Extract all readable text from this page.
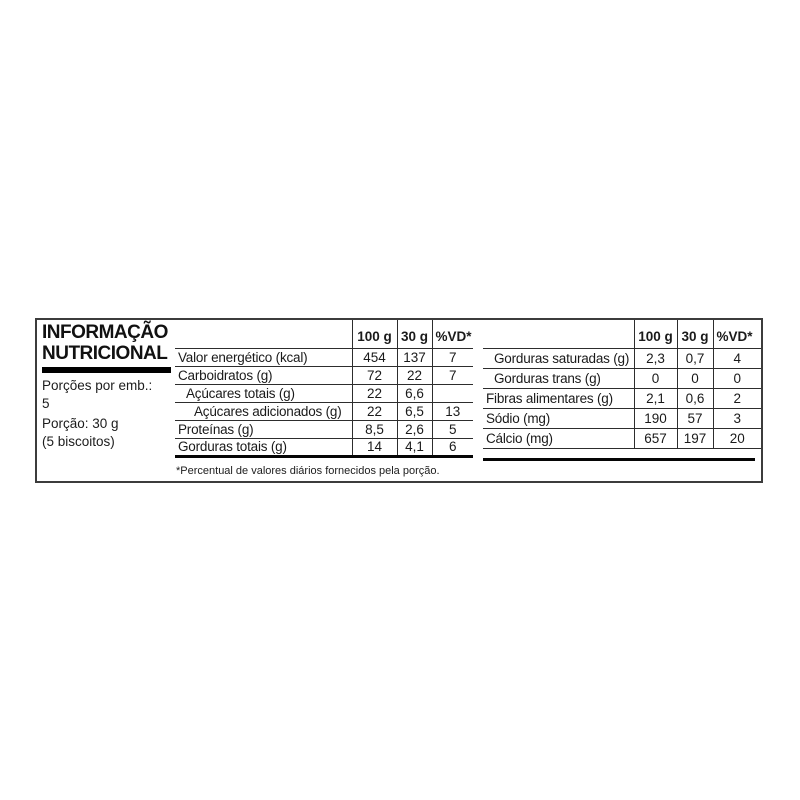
INFORMAÇÃO NUTRICIONAL
Porções por emb.:
5
Porção: 30 g
(5 biscoitos)
	100 g	30 g	%VD*
Valor energético (kcal)	454	137	7
Carboidratos (g)	72	22	7
Açúcares totais (g)	22	6,6	
Açúcares adicionados (g)	22	6,5	13
Proteínas (g)	8,5	2,6	5
Gorduras totais (g)	14	4,1	6
	100 g	30 g	%VD*
Gorduras saturadas (g)	2,3	0,7	4
Gorduras trans (g)	0	0	0
Fibras alimentares (g)	2,1	0,6	2
Sódio (mg)	190	57	3
Cálcio (mg)	657	197	20
*Percentual de valores diários fornecidos pela porção.
